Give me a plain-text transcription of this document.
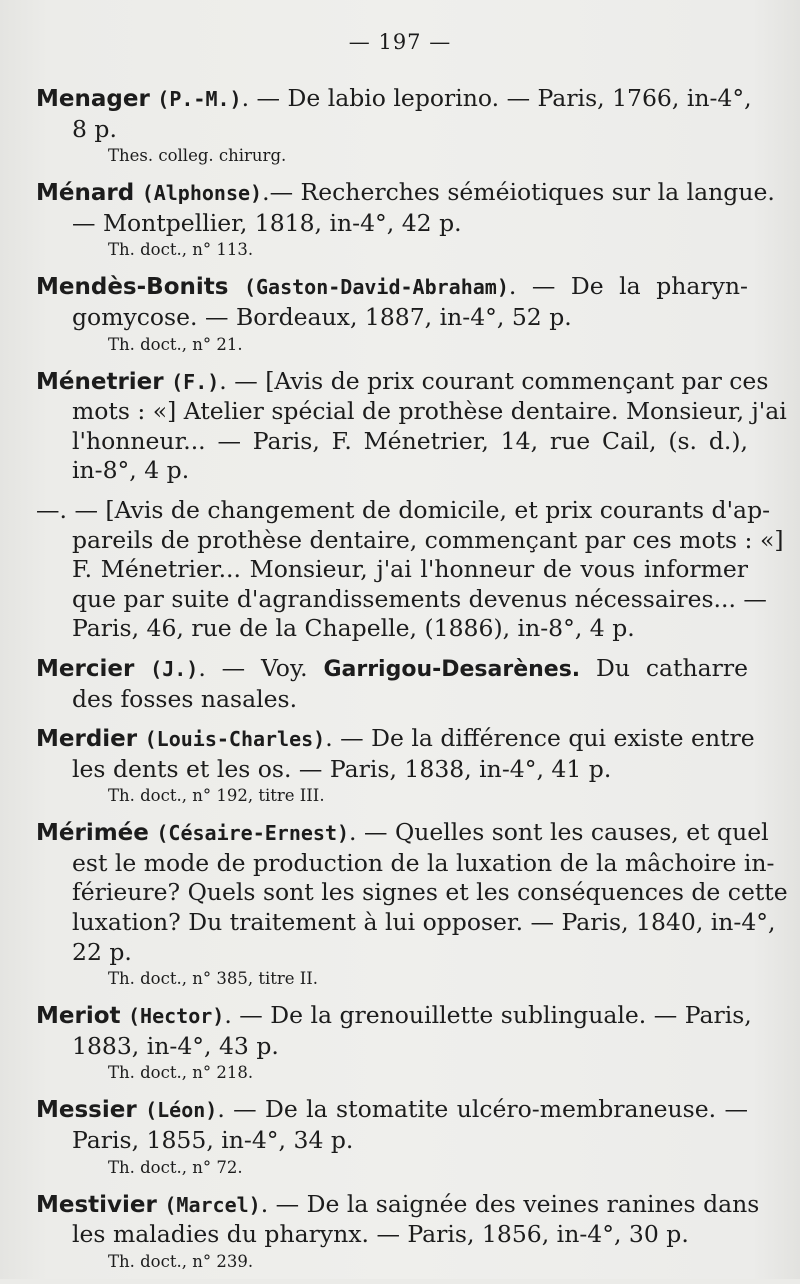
— 197 —
Menager (P.-M.). — De labio leporino. — Paris, 1766, in-4°,
8 p.
Thes. colleg. chirurg.
Ménard (Alphonse).— Recherches séméiotiques sur la langue.
— Montpellier, 1818, in-4°, 42 p.
Th. doct., n° 113.
Mendès-Bonits (Gaston-David-Abraham). — De la pharyn-
gomycose. — Bordeaux, 1887, in-4°, 52 p.
Th. doct., n° 21.
Ménetrier (F.). — [Avis de prix courant commençant par ces
mots : «] Atelier spécial de prothèse dentaire. Monsieur, j'ai
l'honneur... — Paris, F. Ménetrier, 14, rue Cail, (s. d.),
in-8°, 4 p.
—. — [Avis de changement de domicile, et prix courants d'ap-
pareils de prothèse dentaire, commençant par ces mots : «]
F. Ménetrier... Monsieur, j'ai l'honneur de vous informer
que par suite d'agrandissements devenus nécessaires... —
Paris, 46, rue de la Chapelle, (1886), in-8°, 4 p.
Mercier (J.). — Voy. Garrigou-Desarènes. Du catharre
des fosses nasales.
Merdier (Louis-Charles). — De la différence qui existe entre
les dents et les os. — Paris, 1838, in-4°, 41 p.
Th. doct., n° 192, titre III.
Mérimée (Césaire-Ernest). — Quelles sont les causes, et quel
est le mode de production de la luxation de la mâchoire in-
férieure? Quels sont les signes et les conséquences de cette
luxation? Du traitement à lui opposer. — Paris, 1840, in-4°,
22 p.
Th. doct., n° 385, titre II.
Meriot (Hector). — De la grenouillette sublinguale. — Paris,
1883, in-4°, 43 p.
Th. doct., n° 218.
Messier (Léon). — De la stomatite ulcéro-membraneuse. —
Paris, 1855, in-4°, 34 p.
Th. doct., n° 72.
Mestivier (Marcel). — De la saignée des veines ranines dans
les maladies du pharynx. — Paris, 1856, in-4°, 30 p.
Th. doct., n° 239.
